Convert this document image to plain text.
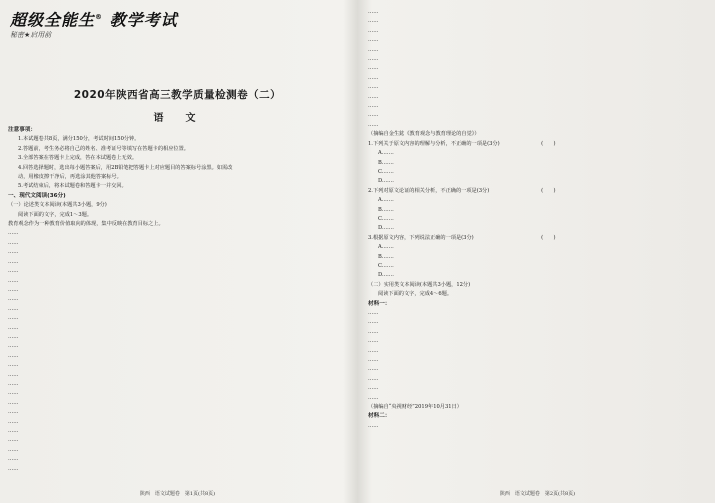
超级全能生® 教学考试
秘密★启用前
2020年陕西省高三教学质量检测卷（二）
语　文
注意事项：
1.本试题卷共8页，满分150分，考试时间150分钟。
2.答题前，考生务必将自己的姓名、准考证号等填写在答题卡的相应位置。
3.全部答案在答题卡上完成，答在本试题卷上无效。
4.回答选择题时，选出每小题答案后，用2B铅笔把答题卡上对应题目的答案标号涂黑。如需改
动，用橡皮擦干净后，再选涂其他答案标号。
5.考试结束后，将本试题卷和答题卡一并交回。
一、现代文阅读(36分)
（一）论述类文本阅读(本题共3小题，9分)
阅读下面的文字，完成1～3题。
教育观念作为一种教育价值取向的体现，集中反映在教育目标之上。
……
……
……
……
……
……
……
……
……
……
……
……
……
……
……
……
……
……
……
……
……
……
……
……
……
……
陕西　语文试题卷　第1页(共8页)
……
……
……
……
……
……
……
……
……
……
……
……
……
（摘编自金生鈜《教育观念与教育理论的自觉》）
1.下列关于原文内容的理解与分析，不正确的一项是(3分)　　　　　　　　(　　)
A.……
B.……
C.……
D.……
2.下列对原文论证的相关分析，不正确的一项是(3分)　　　　　　　　　　(　　)
A.……
B.……
C.……
D.……
3.根据原文内容，下列说法正确的一项是(3分)　　　　　　　　　　　　　(　　)
A.……
B.……
C.……
D.……
（二）实用类文本阅读(本题共3小题，12分)
阅读下面的文字，完成4～6题。
材料一：
……
……
……
……
……
……
……
……
……
……
（摘编自“央视财经”2019年10月31日）
材料二：
……
陕西　语文试题卷　第2页(共8页)
